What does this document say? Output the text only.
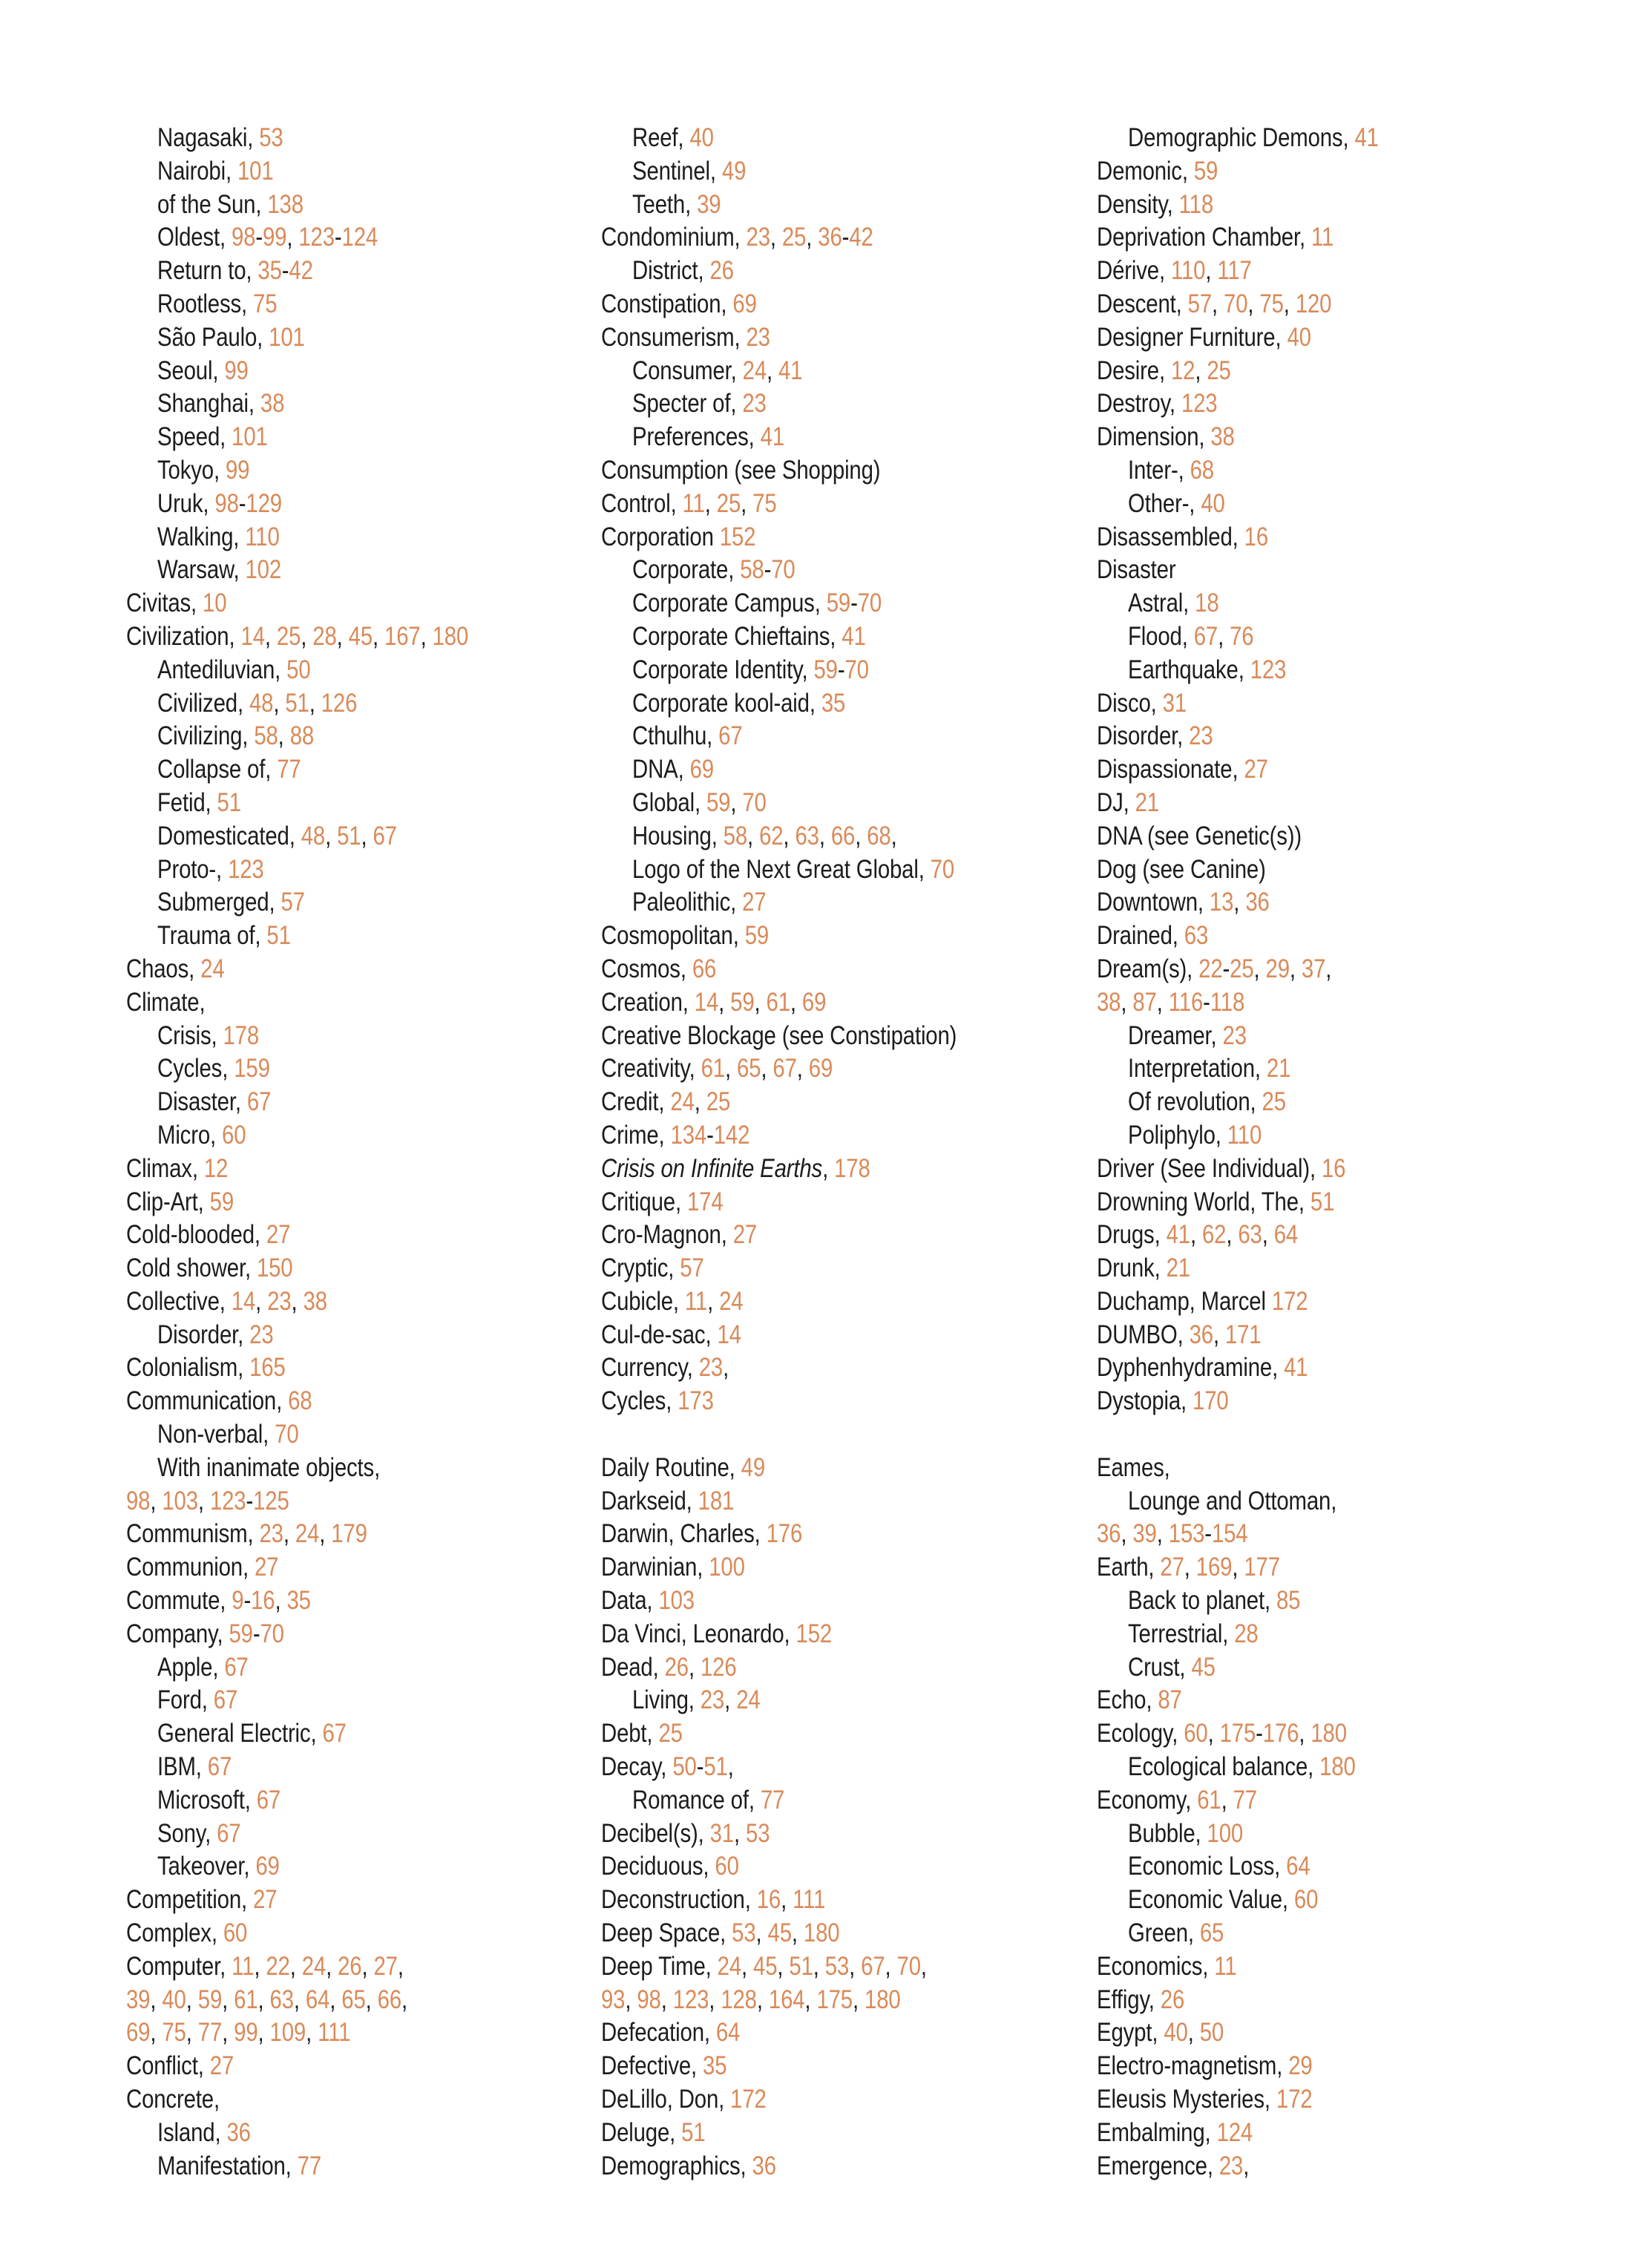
Nagasaki, 53
Nairobi, 101
of the Sun, 138
Oldest, 98-99, 123-124
Return to, 35-42
Rootless, 75
São Paulo, 101
Seoul, 99
Shanghai, 38
Speed, 101
Tokyo, 99
Uruk, 98-129
Walking, 110
Warsaw, 102
Civitas, 10
Civilization, 14, 25, 28, 45, 167, 180
Antediluvian, 50
Civilized, 48, 51, 126
Civilizing, 58, 88
Collapse of, 77
Fetid, 51
Domesticated, 48, 51, 67
Proto-, 123
Submerged, 57
Trauma of, 51
Chaos, 24
Climate,
Crisis, 178
Cycles, 159
Disaster, 67
Micro, 60
Climax, 12
Clip-Art, 59
Cold-blooded, 27
Cold shower, 150
Collective, 14, 23, 38
Disorder, 23
Colonialism, 165
Communication, 68
Non-verbal, 70
With inanimate objects,
98, 103, 123-125
Communism, 23, 24, 179
Communion, 27
Commute, 9-16, 35
Company, 59-70
Apple, 67
Ford, 67
General Electric, 67
IBM, 67
Microsoft, 67
Sony, 67
Takeover, 69
Competition, 27
Complex, 60
Computer, 11, 22, 24, 26, 27,
39, 40, 59, 61, 63, 64, 65, 66,
69, 75, 77, 99, 109, 111
Conflict, 27
Concrete,
Island, 36
Manifestation, 77
Reef, 40
Sentinel, 49
Teeth, 39
Condominium, 23, 25, 36-42
District, 26
Constipation, 69
Consumerism, 23
Consumer, 24, 41
Specter of, 23
Preferences, 41
Consumption (see Shopping)
Control, 11, 25, 75
Corporation 152
Corporate, 58-70
Corporate Campus, 59-70
Corporate Chieftains, 41
Corporate Identity, 59-70
Corporate kool-aid, 35
Cthulhu, 67
DNA, 69
Global, 59, 70
Housing, 58, 62, 63, 66, 68,
Logo of the Next Great Global, 70
Paleolithic, 27
Cosmopolitan, 59
Cosmos, 66
Creation, 14, 59, 61, 69
Creative Blockage (see Constipation)
Creativity, 61, 65, 67, 69
Credit, 24, 25
Crime, 134-142
Crisis on Infinite Earths, 178
Critique, 174
Cro-Magnon, 27
Cryptic, 57
Cubicle, 11, 24
Cul-de-sac, 14
Currency, 23,
Cycles, 173
Daily Routine, 49
Darkseid, 181
Darwin, Charles, 176
Darwinian, 100
Data, 103
Da Vinci, Leonardo, 152
Dead, 26, 126
Living, 23, 24
Debt, 25
Decay, 50-51,
Romance of, 77
Decibel(s), 31, 53
Deciduous, 60
Deconstruction, 16, 111
Deep Space, 53, 45, 180
Deep Time, 24, 45, 51, 53, 67, 70,
93, 98, 123, 128, 164, 175, 180
Defecation, 64
Defective, 35
DeLillo, Don, 172
Deluge, 51
Demographics, 36
Demographic Demons, 41
Demonic, 59
Density, 118
Deprivation Chamber, 11
Dérive, 110, 117
Descent, 57, 70, 75, 120
Designer Furniture, 40
Desire, 12, 25
Destroy, 123
Dimension, 38
Inter-, 68
Other-, 40
Disassembled, 16
Disaster
Astral, 18
Flood, 67, 76
Earthquake, 123
Disco, 31
Disorder, 23
Dispassionate, 27
DJ, 21
DNA (see Genetic(s))
Dog (see Canine)
Downtown, 13, 36
Drained, 63
Dream(s), 22-25, 29, 37,
38, 87, 116-118
Dreamer, 23
Interpretation, 21
Of revolution, 25
Poliphylo, 110
Driver (See Individual), 16
Drowning World, The, 51
Drugs, 41, 62, 63, 64
Drunk, 21
Duchamp, Marcel 172
DUMBO, 36, 171
Dyphenhydramine, 41
Dystopia, 170
Eames,
Lounge and Ottoman,
36, 39, 153-154
Earth, 27, 169, 177
Back to planet, 85
Terrestrial, 28
Crust, 45
Echo, 87
Ecology, 60, 175-176, 180
Ecological balance, 180
Economy, 61, 77
Bubble, 100
Economic Loss, 64
Economic Value, 60
Green, 65
Economics, 11
Effigy, 26
Egypt, 40, 50
Electro-magnetism, 29
Eleusis Mysteries, 172
Embalming, 124
Emergence, 23,
